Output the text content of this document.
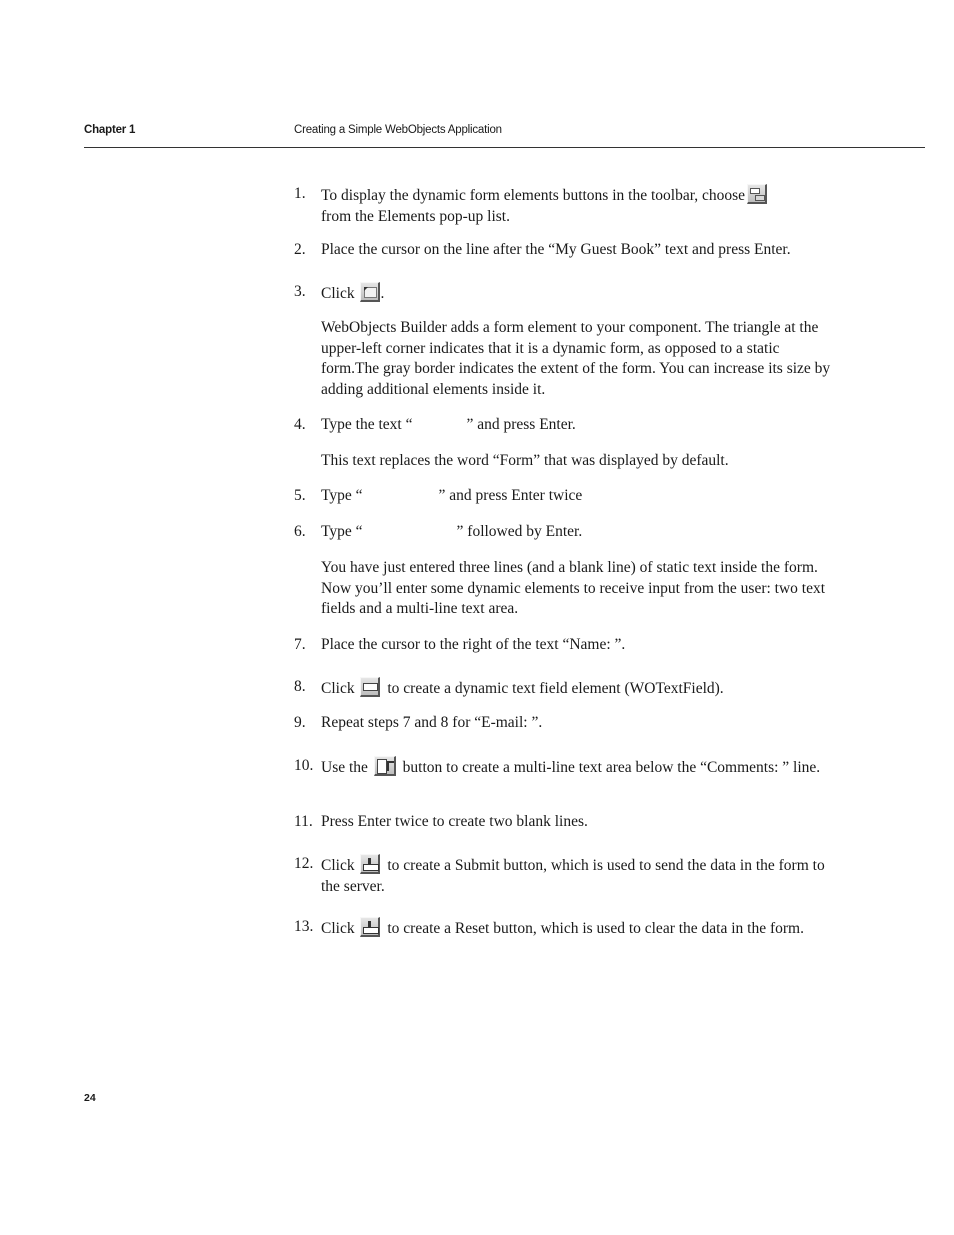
Chapter 1	Creating a Simple WebObjects Application
1. To display the dynamic form elements buttons in the toolbar, choose
from the Elements pop-up list.
2. Place the cursor on the line after the “My Guest Book” text and press Enter.
3. Click .
WebObjects Builder adds a form element to your component. The triangle at the upper-left corner indicates that it is a dynamic form, as opposed to a static form.The gray border indicates the extent of the form. You can increase its size by adding additional elements inside it.
4. Type the text “	” and press Enter.
This text replaces the word “Form” that was displayed by default.
5. Type “	” and press Enter twice
6. Type “	” followed by Enter.
You have just entered three lines (and a blank line) of static text inside the form. Now you’ll enter some dynamic elements to receive input from the user: two text fields and a multi-line text area.
7. Place the cursor to the right of the text “Name: ”.
8. Click to create a dynamic text field element (WOTextField).
9. Repeat steps 7 and 8 for “E-mail: ”.
10. Use the button to create a multi-line text area below the “Comments: ” line.
11. Press Enter twice to create two blank lines.
12. Click to create a Submit button, which is used to send the data in the form to the server.
13. Click to create a Reset button, which is used to clear the data in the form.
24
